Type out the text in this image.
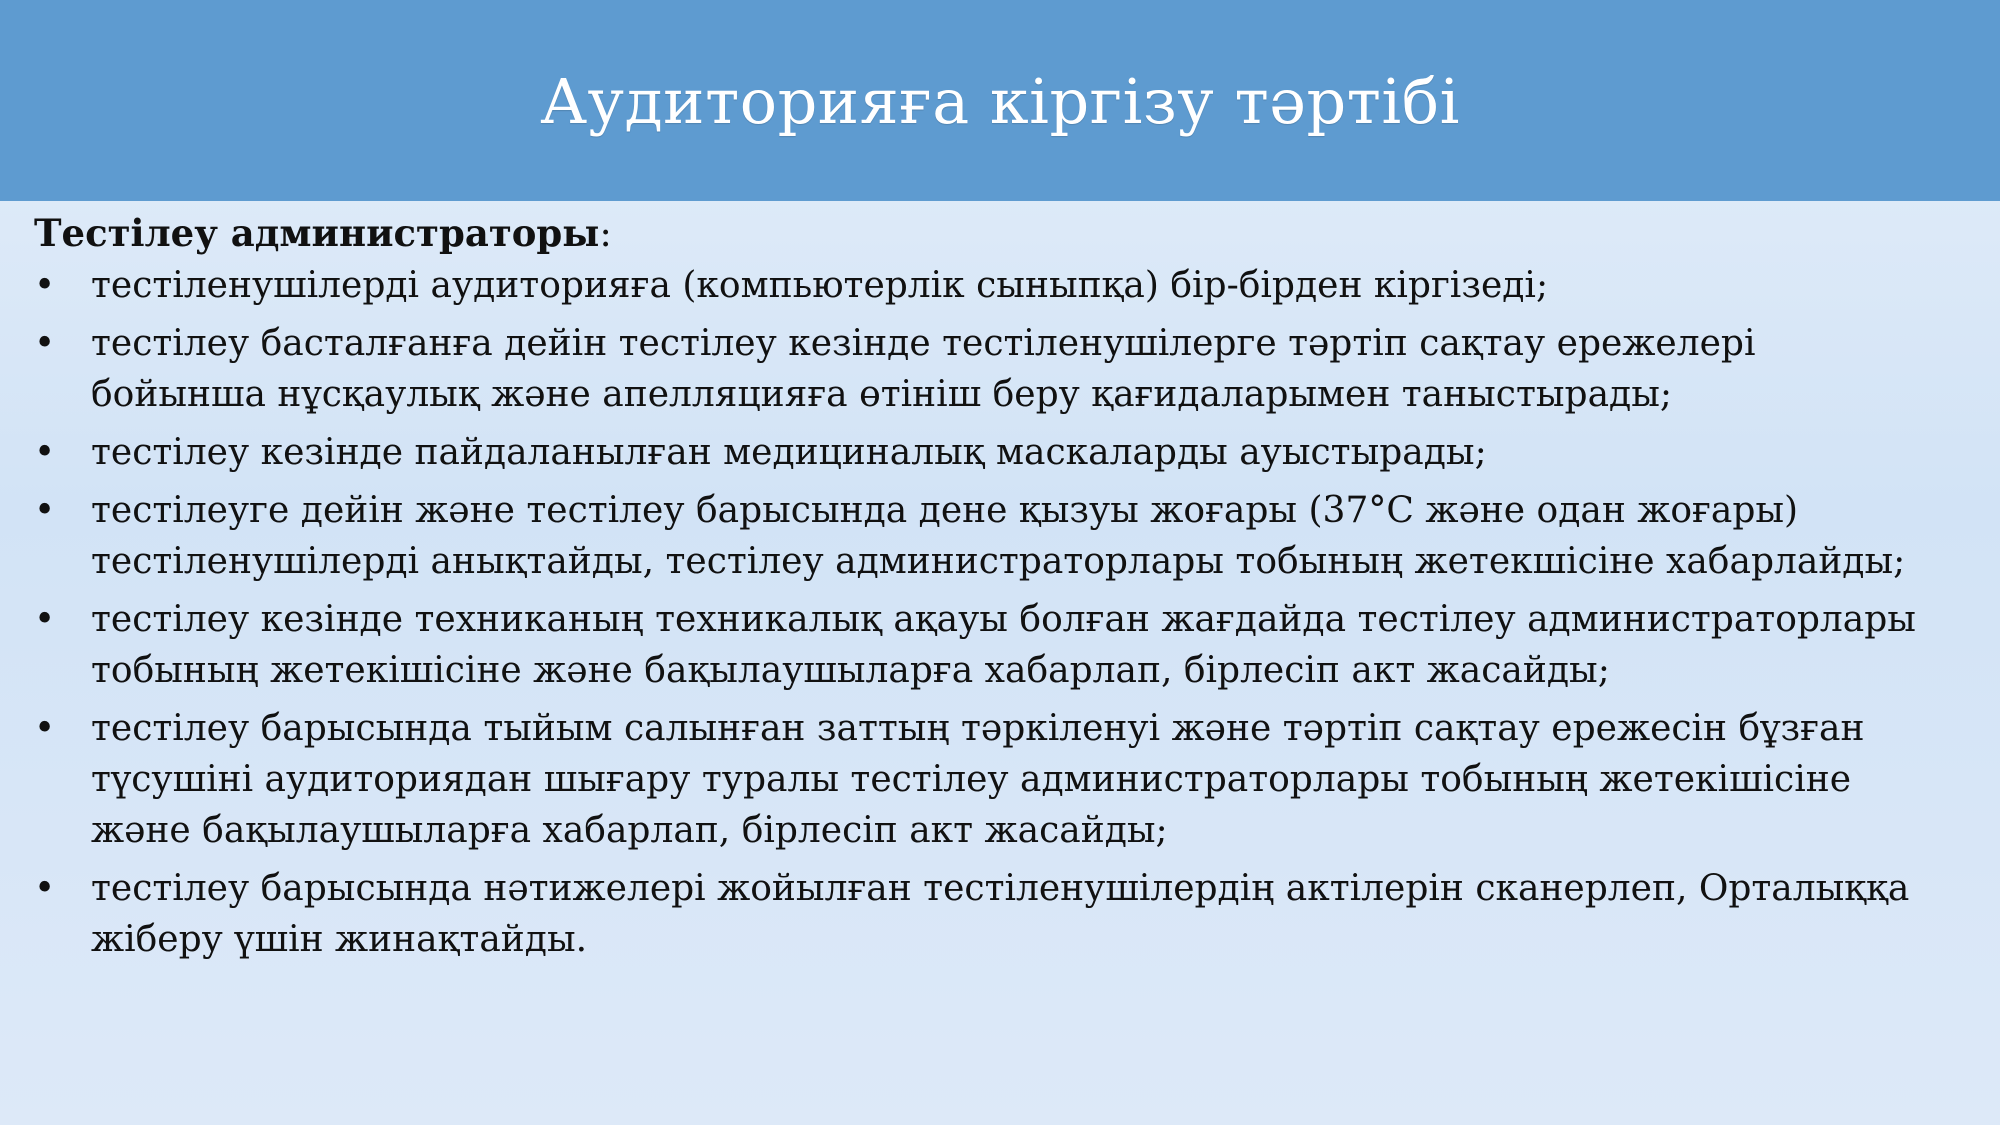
Аудиторияға кіргізу тәртібі
Тестілеу администраторы:
• тестіленушілерді аудиторияға (компьютерлік сыныпқа) бір-бірден кіргізеді;
• тестілеу басталғанға дейін тестілеу кезінде тестіленушілерге тәртіп сақтау ережелері
бойынша нұсқаулық және апелляцияға өтініш беру қағидаларымен таныстырады;
• тестілеу кезінде пайдаланылған медициналық маскаларды ауыстырады;
• тестілеуге дейін және тестілеу барысында дене қызуы жоғары (37°С және одан жоғары)
тестіленушілерді анықтайды, тестілеу администраторлары тобының жетекшісіне хабарлайды;
• тестілеу кезінде техниканың техникалық ақауы болған жағдайда тестілеу администраторлары
тобының жетекішісіне және бақылаушыларға хабарлап, бірлесіп акт жасайды;
• тестілеу барысында тыйым салынған заттың тәркіленуі және тәртіп сақтау ережесін бұзған
түсушіні аудиториядан шығару туралы тестілеу администраторлары тобының жетекішісіне
және бақылаушыларға хабарлап, бірлесіп акт жасайды;
• тестілеу барысында нәтижелері жойылған тестіленушілердің актілерін сканерлеп, Орталыққа
жіберу үшін жинақтайды.
